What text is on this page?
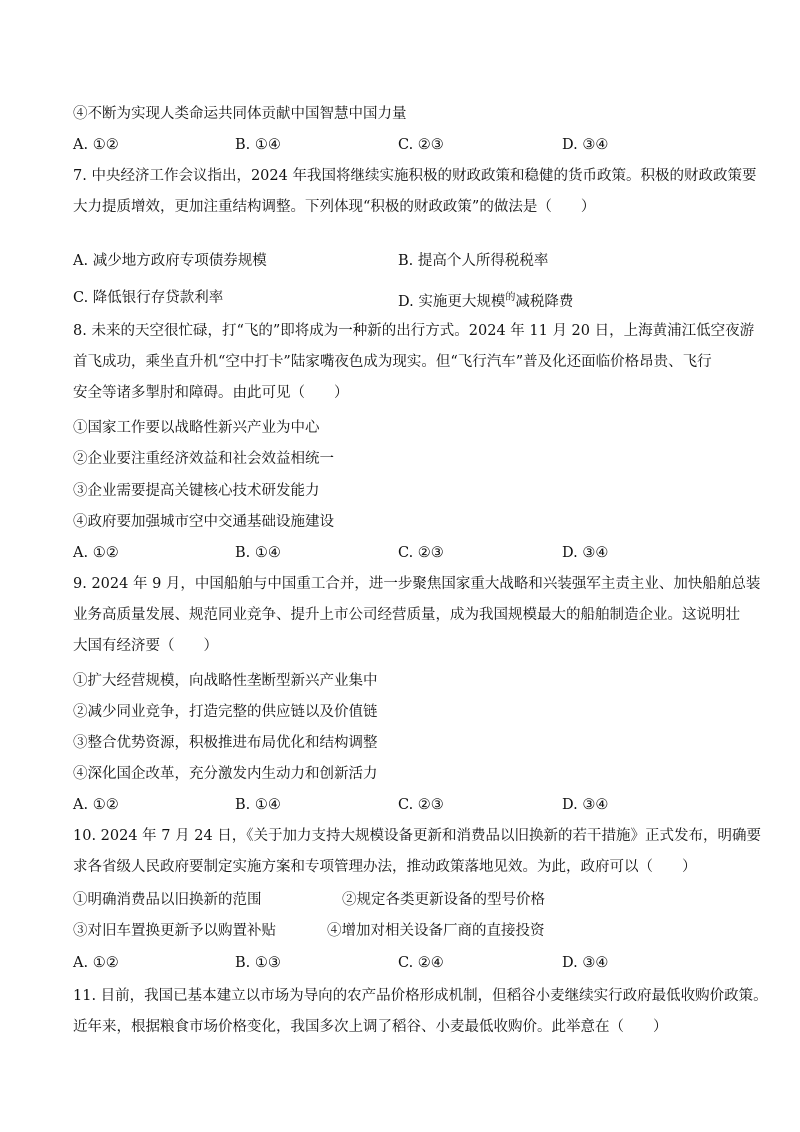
④不断为实现人类命运共同体贡献中国智慧中国力量
A. ①②	B. ①④	C. ②③	D. ③④
7. 中央经济工作会议指出，2024 年我国将继续实施积极的财政政策和稳健的货币政策。积极的财政政策要
大力提质增效，更加注重结构调整。下列体现“积极的财政政策”的做法是（　　）
A. 减少地方政府专项债券规模	B. 提高个人所得税税率
C. 降低银行存贷款利率	D. 实施更大规模$^的$减税降费
8. 未来的天空很忙碌，打“飞的”即将成为一种新的出行方式。2024 年 11 月 20 日，上海黄浦江低空夜游
首飞成功，乘坐直升机“空中打卡”陆家嘴夜色成为现实。但“飞行汽车”普及化还面临价格昂贵、飞行
安全等诸多掣肘和障碍。由此可见（　　）
①国家工作要以战略性新兴产业为中心
②企业要注重经济效益和社会效益相统一
③企业需要提高关键核心技术研发能力
④政府要加强城市空中交通基础设施建设
A. ①②	B. ①④	C. ②③	D. ③④
9. 2024 年 9 月，中国船舶与中国重工合并，进一步聚焦国家重大战略和兴装强军主责主业、加快船舶总装
业务高质量发展、规范同业竞争、提升上市公司经营质量，成为我国规模最大的船舶制造企业。这说明壮
大国有经济要（　　）
①扩大经营规模，向战略性垄断型新兴产业集中
②减少同业竞争，打造完整的供应链以及价值链
③整合优势资源，积极推进布局优化和结构调整
④深化国企改革，充分激发内生动力和创新活力
A. ①②	B. ①④	C. ②③	D. ③④
10. 2024 年 7 月 24 日，《关于加力支持大规模设备更新和消费品以旧换新的若干措施》正式发布，明确要
求各省级人民政府要制定实施方案和专项管理办法，推动政策落地见效。为此，政府可以（　　）
①明确消费品以旧换新的范围	②规定各类更新设备的型号价格
③对旧车置换更新予以购置补贴	④增加对相关设备厂商的直接投资
A. ①②	B. ①③	C. ②④	D. ③④
11. 目前，我国已基本建立以市场为导向的农产品价格形成机制，但稻谷小麦继续实行政府最低收购价政策。
近年来，根据粮食市场价格变化，我国多次上调了稻谷、小麦最低收购价。此举意在（　　）
